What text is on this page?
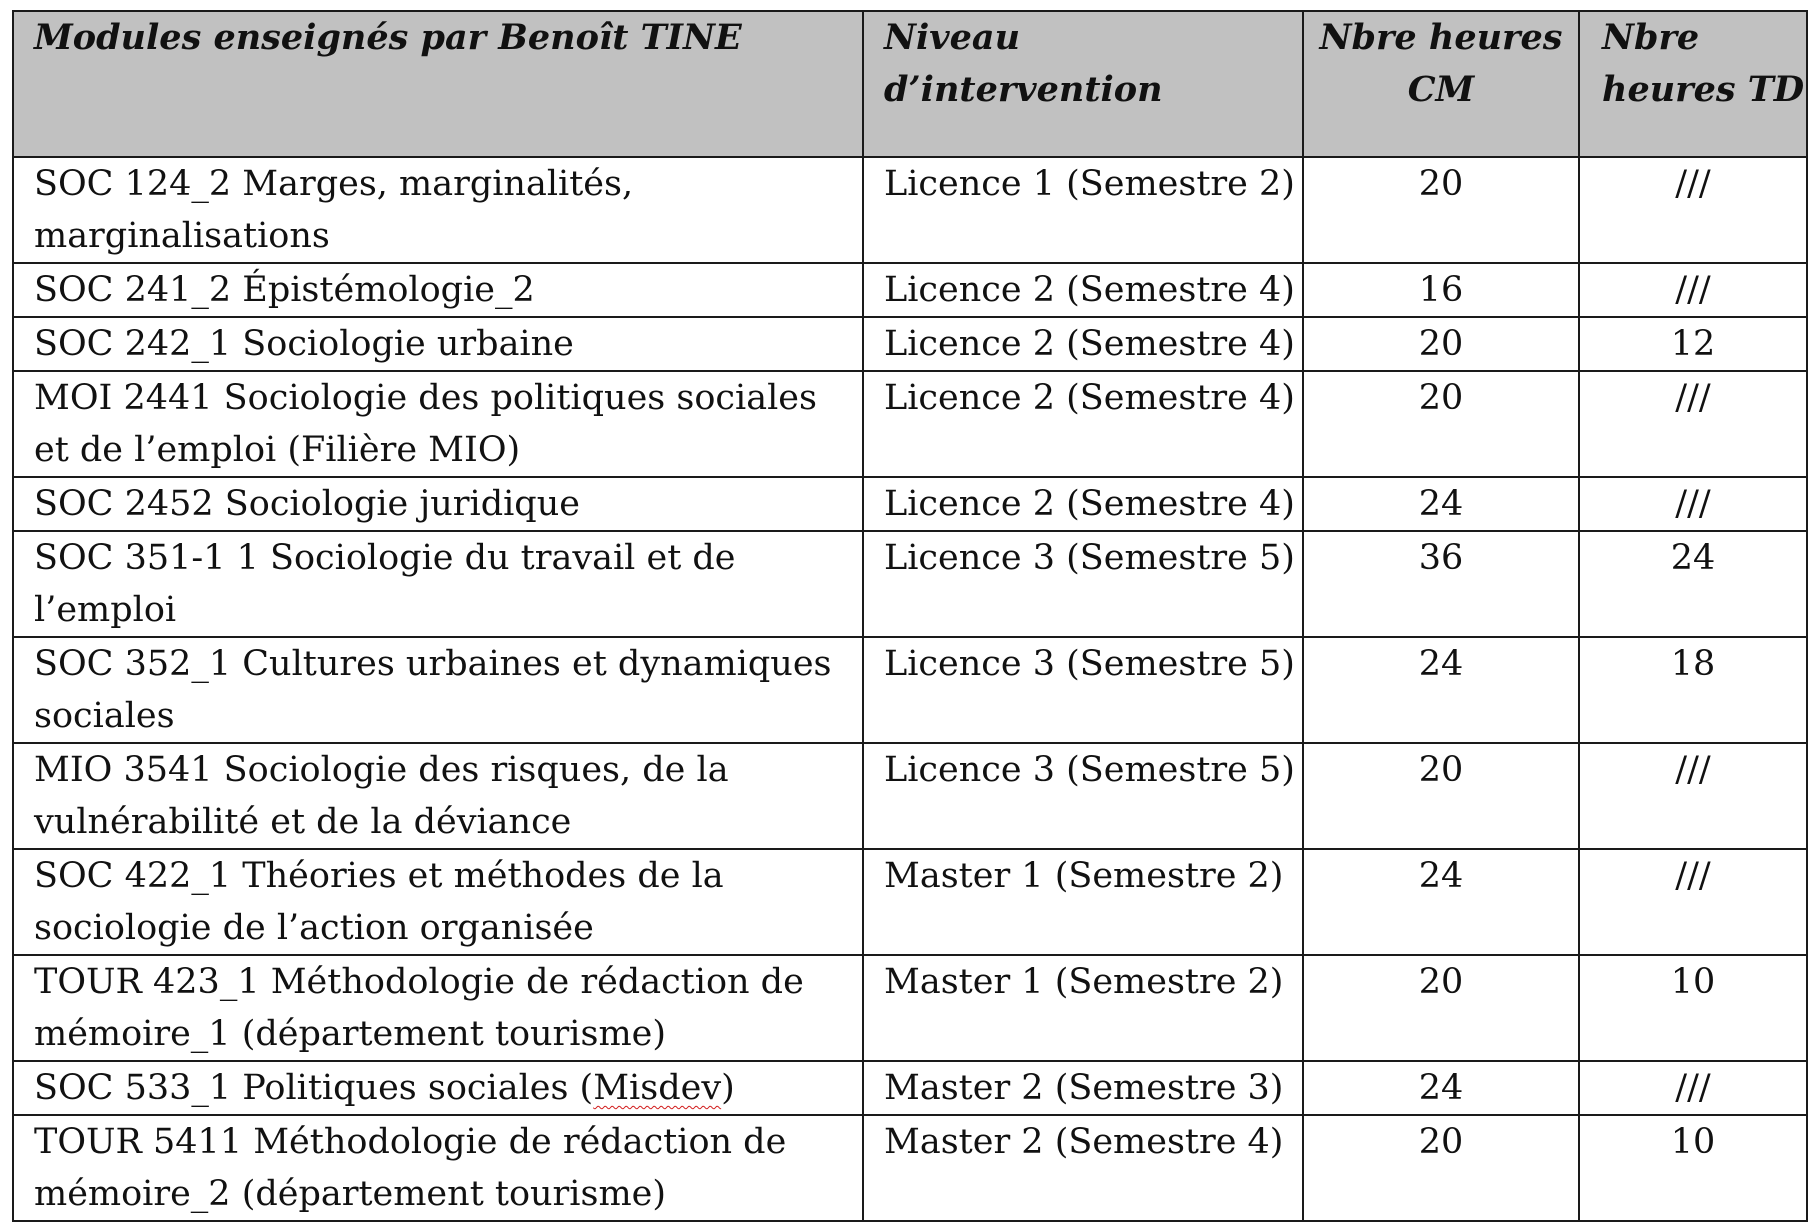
Modules enseignés par Benoît TINE	Niveau d’intervention	Nbre heures CM	Nbre heures TD
SOC 124_2 Marges, marginalités, marginalisations	Licence 1 (Semestre 2)	20	///
SOC 241_2 Épistémologie_2	Licence 2 (Semestre 4)	16	///
SOC 242_1 Sociologie urbaine	Licence 2 (Semestre 4)	20	12
MOI 2441 Sociologie des politiques sociales et de l’emploi (Filière MIO)	Licence 2 (Semestre 4)	20	///
SOC 2452 Sociologie juridique	Licence 2 (Semestre 4)	24	///
SOC 351-1 1 Sociologie du travail et de l’emploi	Licence 3 (Semestre 5)	36	24
SOC 352_1 Cultures urbaines et dynamiques sociales	Licence 3 (Semestre 5)	24	18
MIO 3541 Sociologie des risques, de la vulnérabilité et de la déviance	Licence 3 (Semestre 5)	20	///
SOC 422_1 Théories et méthodes de la sociologie de l’action organisée	Master 1 (Semestre 2)	24	///
TOUR 423_1 Méthodologie de rédaction de mémoire_1 (département tourisme)	Master 1 (Semestre 2)	20	10
SOC 533_1 Politiques sociales (Misdev)	Master 2 (Semestre 3)	24	///
TOUR 5411 Méthodologie de rédaction de mémoire_2 (département tourisme)	Master 2 (Semestre 4)	20	10
